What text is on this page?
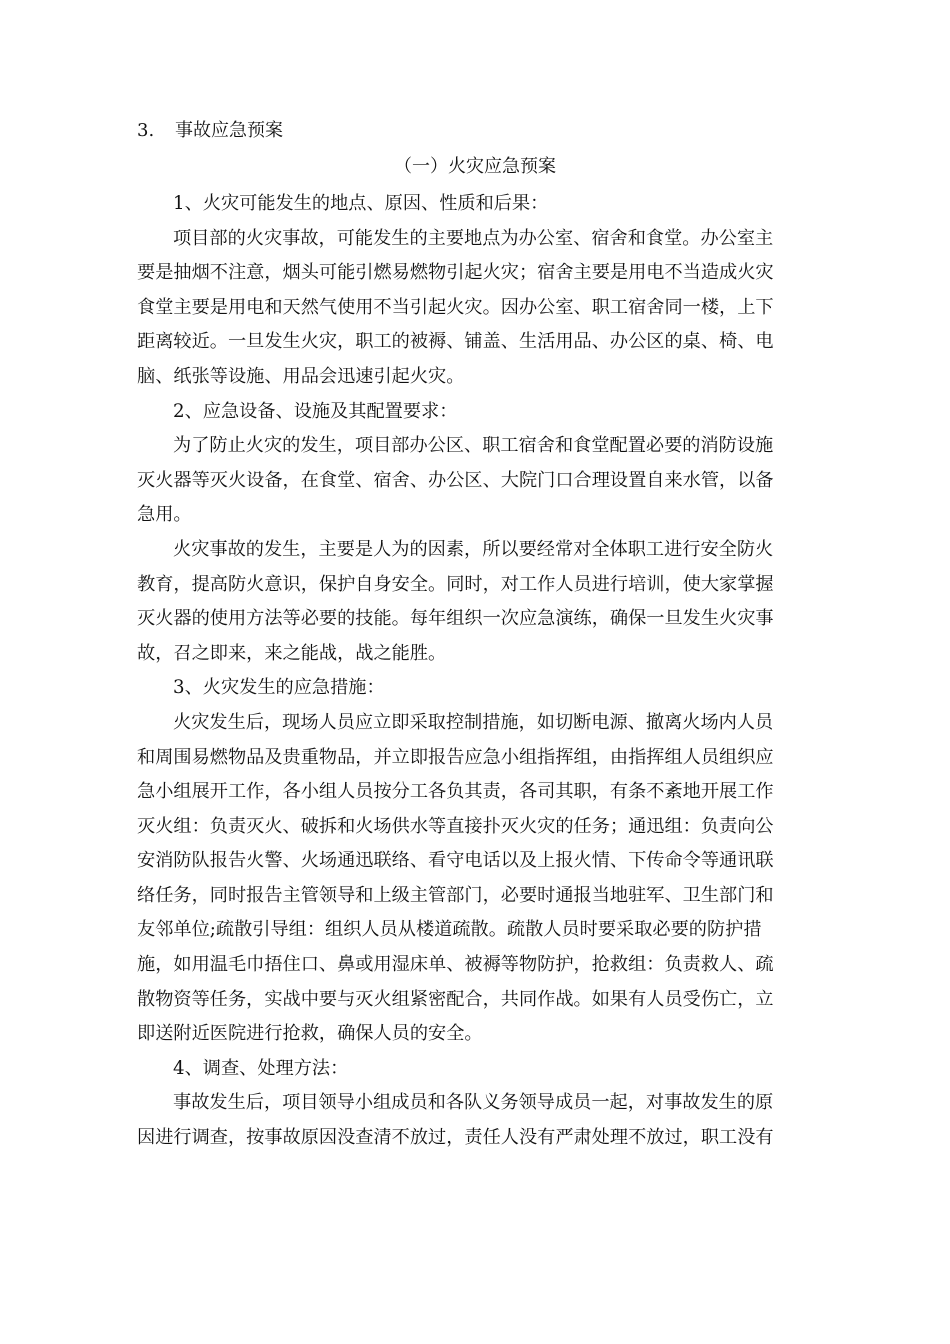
3. 事故应急预案
（一）火灾应急预案
1、火灾可能发生的地点、原因、性质和后果：
项目部的火灾事故，可能发生的主要地点为办公室、宿舍和食堂。办公室主
要是抽烟不注意，烟头可能引燃易燃物引起火灾；宿舍主要是用电不当造成火灾
食堂主要是用电和天然气使用不当引起火灾。因办公室、职工宿舍同一楼，上下
距离较近。一旦发生火灾，职工的被褥、铺盖、生活用品、办公区的桌、椅、电
脑、纸张等设施、用品会迅速引起火灾。
2、应急设备、设施及其配置要求：
为了防止火灾的发生，项目部办公区、职工宿舍和食堂配置必要的消防设施
灭火器等灭火设备，在食堂、宿舍、办公区、大院门口合理设置自来水管，以备
急用。
火灾事故的发生，主要是人为的因素，所以要经常对全体职工进行安全防火
教育，提高防火意识，保护自身安全。同时，对工作人员进行培训，使大家掌握
灭火器的使用方法等必要的技能。每年组织一次应急演练，确保一旦发生火灾事
故，召之即来，来之能战，战之能胜。
3、火灾发生的应急措施：
火灾发生后，现场人员应立即采取控制措施，如切断电源、撤离火场内人员
和周围易燃物品及贵重物品，并立即报告应急小组指挥组，由指挥组人员组织应
急小组展开工作，各小组人员按分工各负其责，各司其职，有条不紊地开展工作
灭火组：负责灭火、破拆和火场供水等直接扑灭火灾的任务；通迅组：负责向公
安消防队报告火警、火场通迅联络、看守电话以及上报火情、下传命令等通讯联
络任务，同时报告主管领导和上级主管部门，必要时通报当地驻军、卫生部门和
友邻单位;疏散引导组：组织人员从楼道疏散。疏散人员时要采取必要的防护措
施，如用温毛巾捂住口、鼻或用湿床单、被褥等物防护，抢救组：负责救人、疏
散物资等任务，实战中要与灭火组紧密配合，共同作战。如果有人员受伤亡，立
即送附近医院进行抢救，确保人员的安全。
4、调查、处理方法：
事故发生后，项目领导小组成员和各队义务领导成员一起，对事故发生的原
因进行调查，按事故原因没查清不放过，责任人没有严肃处理不放过，职工没有
